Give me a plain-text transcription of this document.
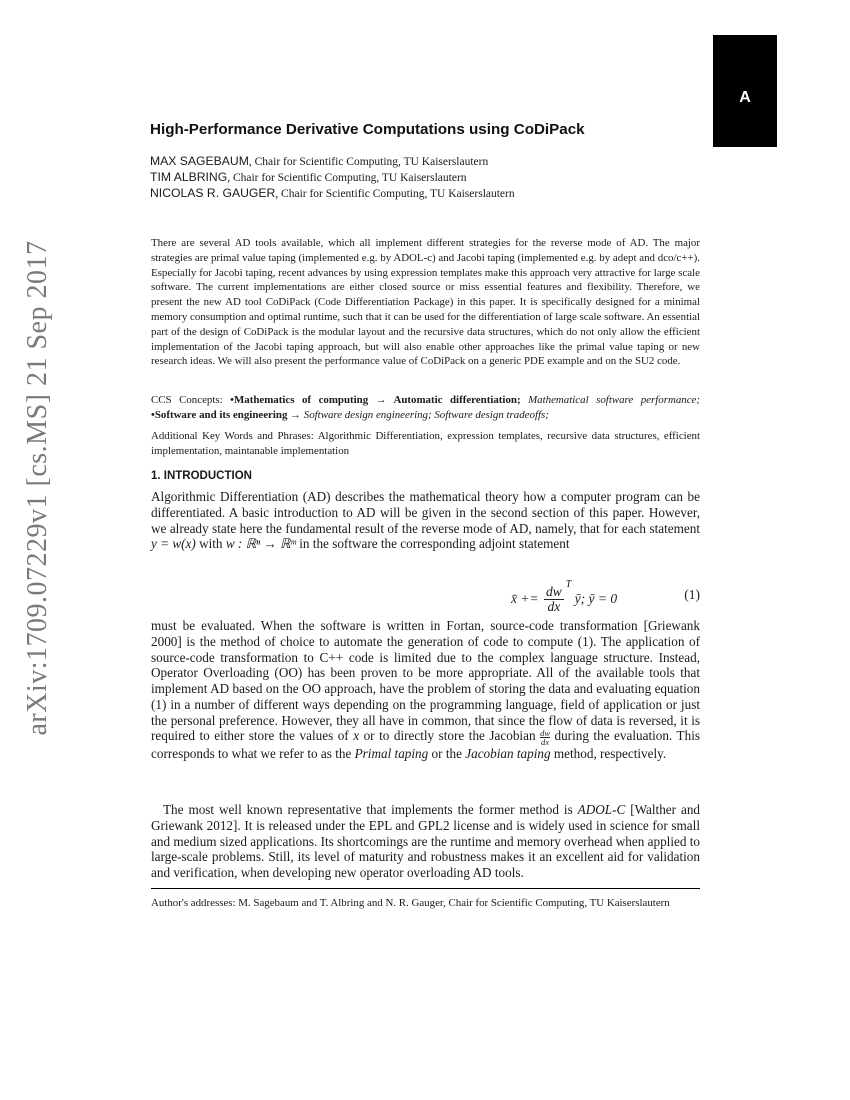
A
arXiv:1709.07229v1 [cs.MS] 21 Sep 2017
High-Performance Derivative Computations using CoDiPack
MAX SAGEBAUM, Chair for Scientific Computing, TU Kaiserslautern
TIM ALBRING, Chair for Scientific Computing, TU Kaiserslautern
NICOLAS R. GAUGER, Chair for Scientific Computing, TU Kaiserslautern
There are several AD tools available, which all implement different strategies for the reverse mode of AD. The major strategies are primal value taping (implemented e.g. by ADOL-c) and Jacobi taping (implemented e.g. by adept and dco/c++). Especially for Jacobi taping, recent advances by using expression templates make this approach very attractive for large scale software. The current implementations are either closed source or miss essential features and flexibility. Therefore, we present the new AD tool CoDiPack (Code Differentiation Package) in this paper. It is specifically designed for a minimal memory consumption and optimal runtime, such that it can be used for the differentiation of large scale software. An essential part of the design of CoDiPack is the modular layout and the recursive data structures, which do not only allow the efficient implementation of the Jacobi taping approach, but will also enable other approaches like the primal value taping or new research ideas. We will also present the performance value of CoDiPack on a generic PDE example and on the SU2 code.
CCS Concepts: •Mathematics of computing → Automatic differentiation; Mathematical software performance; •Software and its engineering → Software design engineering; Software design tradeoffs;
Additional Key Words and Phrases: Algorithmic Differentiation, expression templates, recursive data structures, efficient implementation, maintanable implementation
1. INTRODUCTION
Algorithmic Differentiation (AD) describes the mathematical theory how a computer program can be differentiated. A basic introduction to AD will be given in the second section of this paper. However, we already state here the fundamental result of the reverse mode of AD, namely, that for each statement y = w(x) with w : ℝⁿ → ℝᵐ in the software the corresponding adjoint statement
x̄ += $\frac{dw}{dx}$
$^T$ ȳ; ȳ = 0	(1)
must be evaluated. When the software is written in Fortan, source-code transformation [Griewank 2000] is the method of choice to automate the generation of code to compute (1). The application of source-code transformation to C++ code is limited due to the complex language structure. Instead, Operator Overloading (OO) has been proven to be more appropriate. All of the available tools that implement AD based on the OO approach, have the problem of storing the data and evaluating equation (1) in a number of different ways depending on the programming language, field of application or just the personal preference. However, they all have in common, that since the flow of data is reversed, it is required to either store the values of x or to directly store the Jacobian $\frac{dw}{dx}$ during the evaluation. This corresponds to what we refer to as the Primal taping or the Jacobian taping method, respectively.
The most well known representative that implements the former method is ADOL-C [Walther and Griewank 2012]. It is released under the EPL and GPL2 license and is widely used in science for small and medium sized applications. Its shortcomings are the runtime and memory overhead when applied to large-scale problems. Still, its level of maturity and robustness makes it an excellent aid for validation and verification, when developing new operator overloading AD tools.
Author's addresses: M. Sagebaum and T. Albring and N. R. Gauger, Chair for Scientific Computing, TU Kaiserslautern
